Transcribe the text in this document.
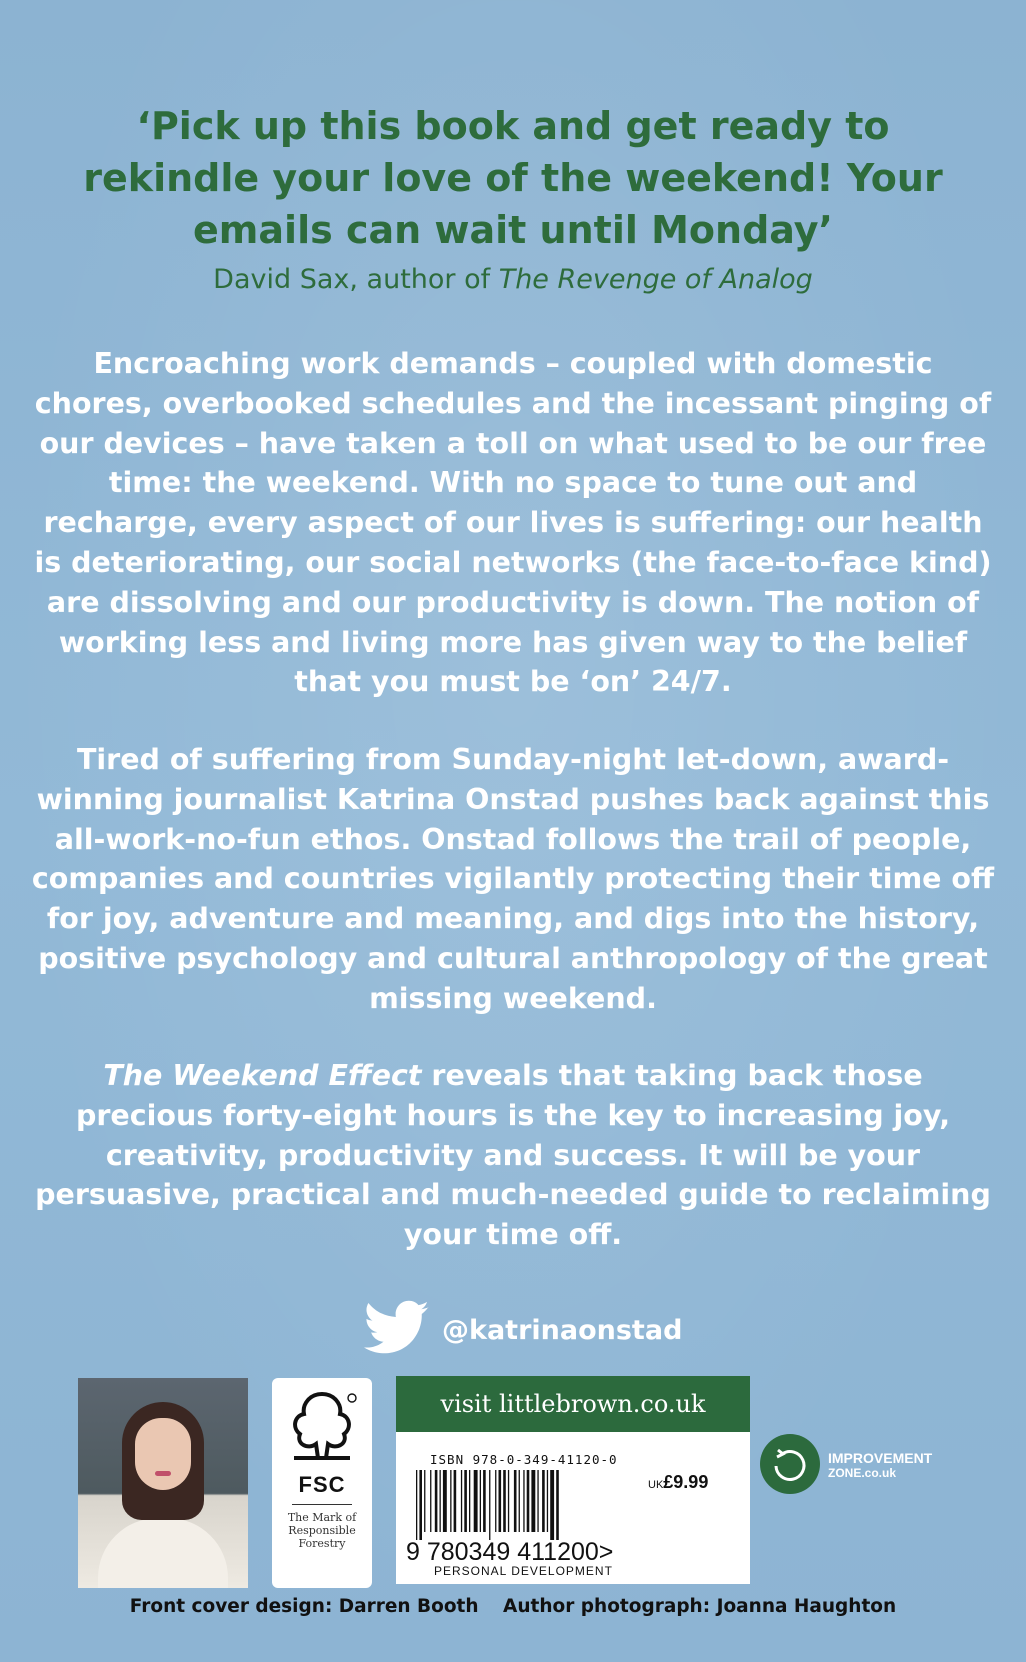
‘Pick up this book and get ready to rekindle your love of the weekend! Your emails can wait until Monday’
David Sax, author of The Revenge of Analog
Encroaching work demands – coupled with domestic chores, overbooked schedules and the incessant pinging of our devices – have taken a toll on what used to be our free time: the weekend. With no space to tune out and recharge, every aspect of our lives is suffering: our health is deteriorating, our social networks (the face-to-face kind) are dissolving and our productivity is down. The notion of working less and living more has given way to the belief that you must be ‘on’ 24/7.
Tired of suffering from Sunday-night let-down, award-winning journalist Katrina Onstad pushes back against this all-work-no-fun ethos. Onstad follows the trail of people, companies and countries vigilantly protecting their time off for joy, adventure and meaning, and digs into the history, positive psychology and cultural anthropology of the great missing weekend.
The Weekend Effect reveals that taking back those precious forty-eight hours is the key to increasing joy, creativity, productivity and success. It will be your persuasive, practical and much-needed guide to reclaiming your time off.
@katrinaonstad
FSC
The Mark of Responsible Forestry
visit littlebrown.co.uk
ISBN 978-0-349-41120-0
UK£9.99
9 780349 411200>
PERSONAL DEVELOPMENT
IMPROVEMENT
ZONE.co.uk
Front cover design: Darren Booth Author photograph: Joanna Haughton
